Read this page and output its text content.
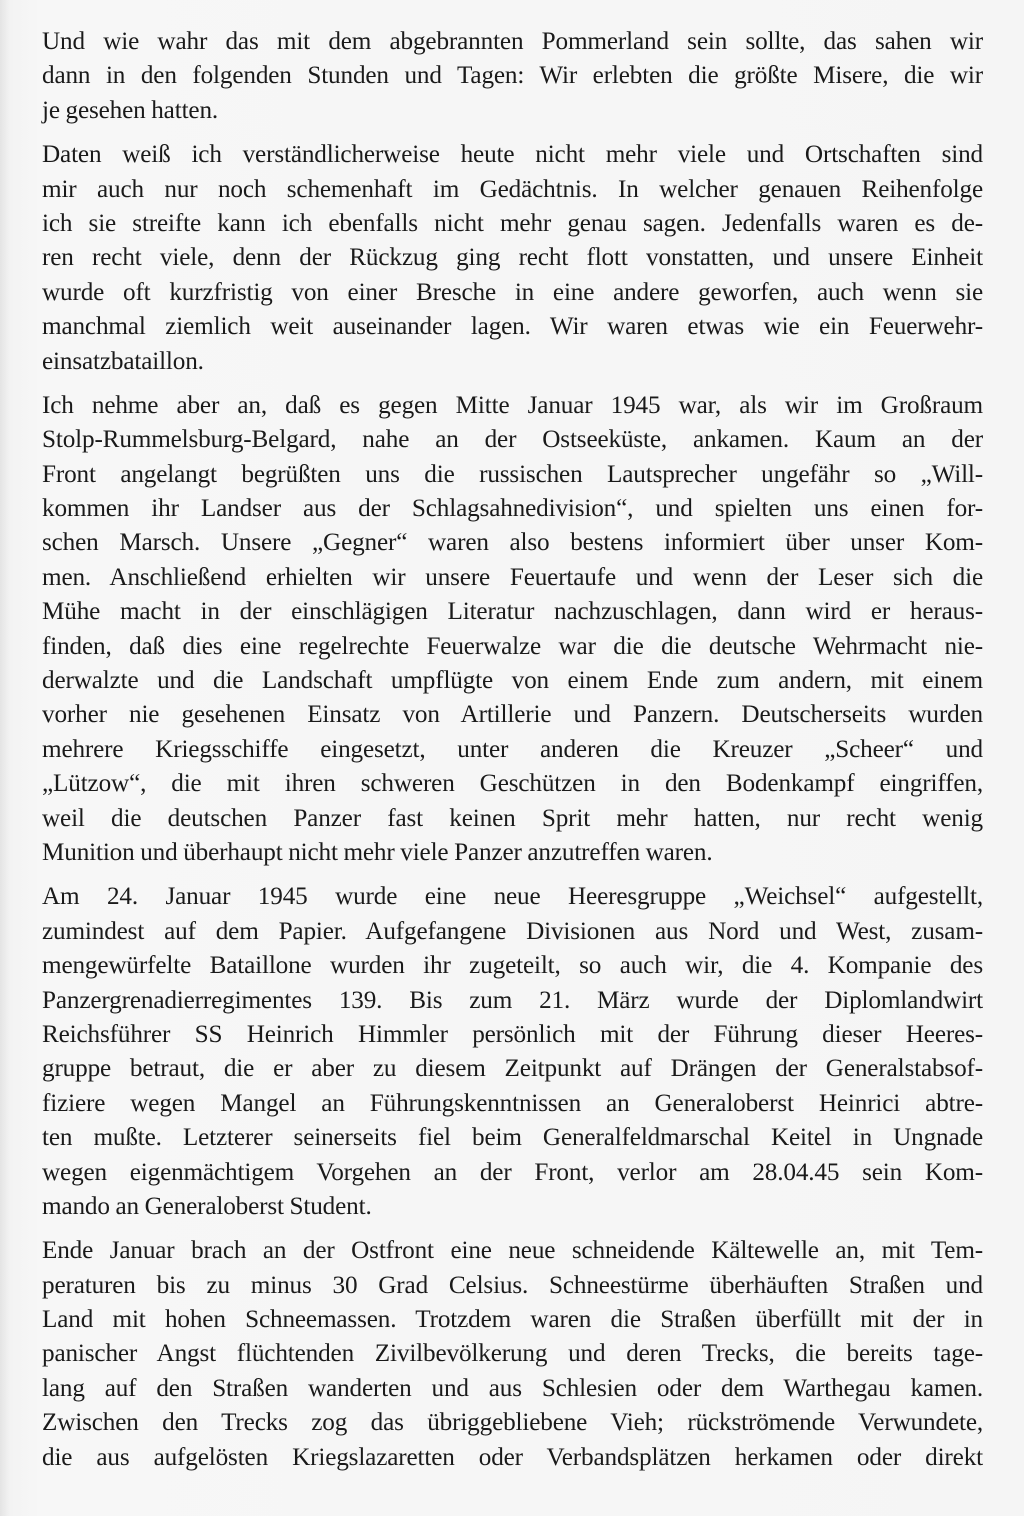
Und wie wahr das mit dem abgebrannten Pommerland sein sollte, das sahen wir
dann in den folgenden Stunden und Tagen: Wir erlebten die größte Misere, die wir
je gesehen hatten.
Daten weiß ich verständlicherweise heute nicht mehr viele und Ortschaften sind
mir auch nur noch schemenhaft im Gedächtnis. In welcher genauen Reihenfolge
ich sie streifte kann ich ebenfalls nicht mehr genau sagen. Jedenfalls waren es de-
ren recht viele, denn der Rückzug ging recht flott vonstatten, und unsere Einheit
wurde oft kurzfristig von einer Bresche in eine andere geworfen, auch wenn sie
manchmal ziemlich weit auseinander lagen. Wir waren etwas wie ein Feuerwehr-
einsatzbataillon.
Ich nehme aber an, daß es gegen Mitte Januar 1945 war, als wir im Großraum
Stolp-Rummelsburg-Belgard, nahe an der Ostseeküste, ankamen. Kaum an der
Front angelangt begrüßten uns die russischen Lautsprecher ungefähr so „Will-
kommen ihr Landser aus der Schlagsahnedivision“, und spielten uns einen for-
schen Marsch. Unsere „Gegner“ waren also bestens informiert über unser Kom-
men. Anschließend erhielten wir unsere Feuertaufe und wenn der Leser sich die
Mühe macht in der einschlägigen Literatur nachzuschlagen, dann wird er heraus-
finden, daß dies eine regelrechte Feuerwalze war die die deutsche Wehrmacht nie-
derwalzte und die Landschaft umpflügte von einem Ende zum andern, mit einem
vorher nie gesehenen Einsatz von Artillerie und Panzern. Deutscherseits wurden
mehrere Kriegsschiffe eingesetzt, unter anderen die Kreuzer „Scheer“ und
„Lützow“, die mit ihren schweren Geschützen in den Bodenkampf eingriffen,
weil die deutschen Panzer fast keinen Sprit mehr hatten, nur recht wenig
Munition und überhaupt nicht mehr viele Panzer anzutreffen waren.
Am 24. Januar 1945 wurde eine neue Heeresgruppe „Weichsel“ aufgestellt,
zumindest auf dem Papier. Aufgefangene Divisionen aus Nord und West, zusam-
mengewürfelte Bataillone wurden ihr zugeteilt, so auch wir, die 4. Kompanie des
Panzergrenadierregimentes 139. Bis zum 21. März wurde der Diplomlandwirt
Reichsführer SS Heinrich Himmler persönlich mit der Führung dieser Heeres-
gruppe betraut, die er aber zu diesem Zeitpunkt auf Drängen der Generalstabsof-
fiziere wegen Mangel an Führungskenntnissen an Generaloberst Heinrici abtre-
ten mußte. Letzterer seinerseits fiel beim Generalfeldmarschal Keitel in Ungnade
wegen eigenmächtigem Vorgehen an der Front, verlor am 28.04.45 sein Kom-
mando an Generaloberst Student.
Ende Januar brach an der Ostfront eine neue schneidende Kältewelle an, mit Tem-
peraturen bis zu minus 30 Grad Celsius. Schneestürme überhäuften Straßen und
Land mit hohen Schneemassen. Trotzdem waren die Straßen überfüllt mit der in
panischer Angst flüchtenden Zivilbevölkerung und deren Trecks, die bereits tage-
lang auf den Straßen wanderten und aus Schlesien oder dem Warthegau kamen.
Zwischen den Trecks zog das übriggebliebene Vieh; rückströmende Verwundete,
die aus aufgelösten Kriegslazaretten oder Verbandsplätzen herkamen oder direkt
